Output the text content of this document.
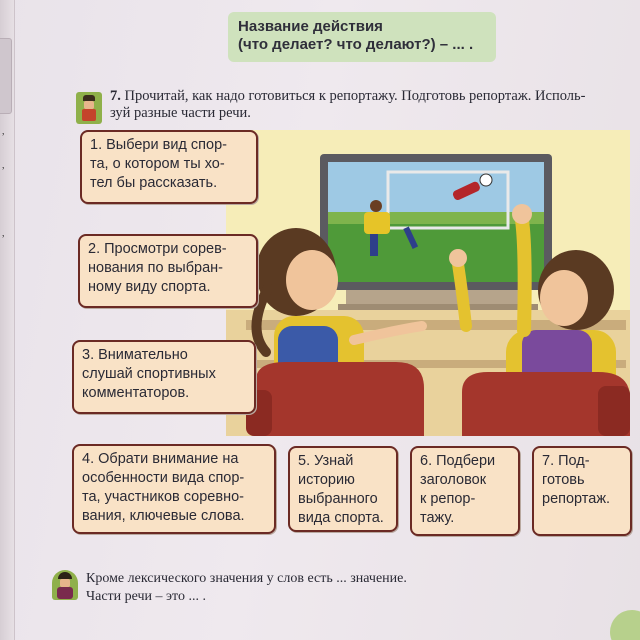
,
,
,
Название действия
(что делает? что делают?) – ... .
7. Прочитай, как надо готовиться к репортажу. Подготовь репортаж. Исполь-
зуй разные части речи.
1. Выбери вид спор-
та, о котором ты хо-
тел бы рассказать.
2. Просмотри сорев-
нования по выбран-
ному виду спорта.
3. Внимательно
слушай спортивных
комментаторов.
4. Обрати внимание на
особенности вида спор-
та, участников соревно-
вания, ключевые слова.
5. Узнай
историю
выбранного
вида спорта.
6. Подбери
заголовок
к репор-
тажу.
7. Под-
готовь
репортаж.
Кроме лексического значения у слов есть ... значение.
Части речи – это ... .
